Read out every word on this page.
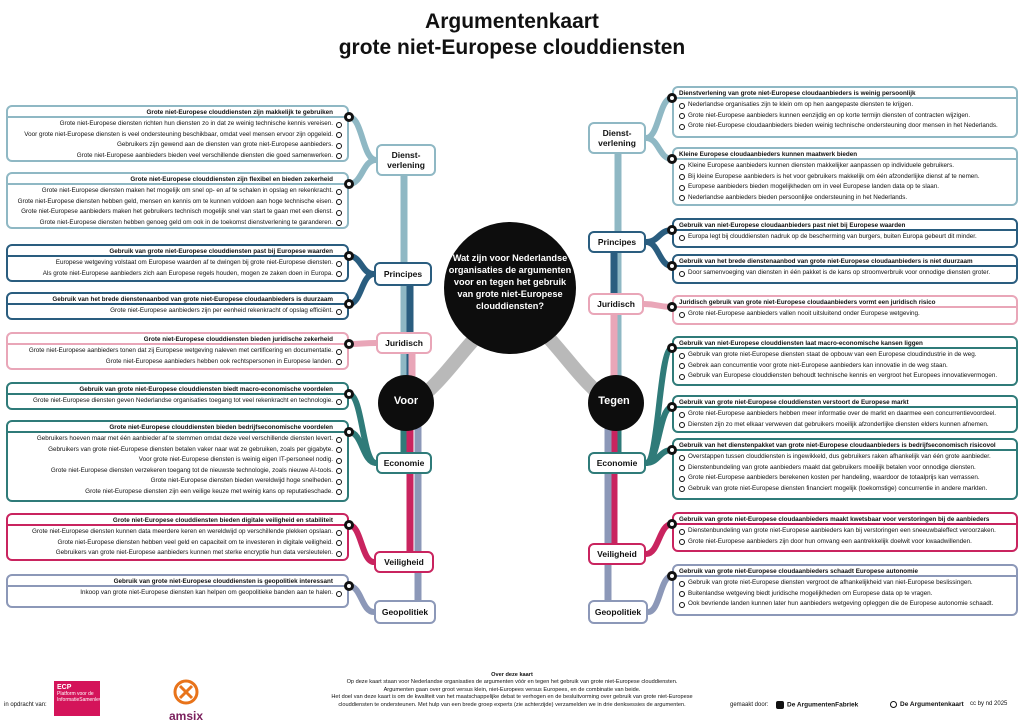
Argumentenkaart
grote niet-Europese clouddiensten
Grote niet-Europese clouddiensten zijn makkelijk te gebruiken
Grote niet-Europese diensten richten hun diensten zo in dat ze weinig technische kennis vereisen.
Voor grote niet-Europese diensten is veel ondersteuning beschikbaar, omdat veel mensen ervoor zijn opgeleid.
Gebruikers zijn gewend aan de diensten van grote niet-Europese aanbieders.
Grote niet-Europese aanbieders bieden veel verschillende diensten die goed samenwerken.
Grote niet-Europese clouddiensten zijn flexibel en bieden zekerheid
Grote niet-Europese diensten maken het mogelijk om snel op- en af te schalen in opslag en rekenkracht.
Grote niet-Europese diensten hebben geld, mensen en kennis om te kunnen voldoen aan hoge technische eisen.
Grote niet-Europese aanbieders maken het gebruikers technisch mogelijk snel van start te gaan met een dienst.
Grote niet-Europese diensten hebben genoeg geld om ook in de toekomst dienstverlening te garanderen.
Gebruik van grote niet-Europese clouddiensten past bij Europese waarden
Europese wetgeving volstaat om Europese waarden af te dwingen bij grote niet-Europese diensten.
Als grote niet-Europese aanbieders zich aan Europese regels houden, mogen ze zaken doen in Europa.
Gebruik van het brede dienstenaanbod van grote niet-Europese cloudaanbieders is duurzaam
Grote niet-Europese aanbieders zijn per eenheid rekenkracht of opslag efficiënt.
Grote niet-Europese clouddiensten bieden juridische zekerheid
Grote niet-Europese aanbieders tonen dat zij Europese wetgeving naleven met certificering en documentatie.
Grote niet-Europese aanbieders hebben ook rechtspersonen in Europese landen.
Gebruik van grote niet-Europese clouddiensten biedt macro-economische voordelen
Grote niet-Europese diensten geven Nederlandse organisaties toegang tot veel rekenkracht en technologie.
Grote niet-Europese clouddiensten bieden bedrijfseconomische voordelen
Gebruikers hoeven maar met één aanbieder af te stemmen omdat deze veel verschillende diensten levert.
Gebruikers van grote niet-Europese diensten betalen vaker naar wat ze gebruiken, zoals per gigabyte.
Voor grote niet-Europese diensten is weinig eigen IT-personeel nodig.
Grote niet-Europese diensten verzekeren toegang tot de nieuwste technologie, zoals nieuwe AI-tools.
Grote niet-Europese diensten bieden wereldwijd hoge snelheden.
Grote niet-Europese diensten zijn een veilige keuze met weinig kans op reputatieschade.
Grote niet-Europese clouddiensten bieden digitale veiligheid en stabiliteit
Grote niet-Europese diensten kunnen data meerdere keren en wereldwijd op verschillende plekken opslaan.
Grote niet-Europese diensten hebben veel geld en capaciteit om te investeren in digitale veiligheid.
Gebruikers van grote niet-Europese aanbieders kunnen met sterke encryptie hun data versleutelen.
Gebruik van grote niet-Europese clouddiensten is geopolitiek interessant
Inkoop van grote niet-Europese diensten kan helpen om geopolitieke banden aan te halen.
Dienstverlening van grote niet-Europese cloudaanbieders is weinig persoonlijk
Nederlandse organisaties zijn te klein om op hen aangepaste diensten te krijgen.
Grote niet-Europese aanbieders kunnen eenzijdig en op korte termijn diensten of contracten wijzigen.
Grote niet-Europese cloudaanbieders bieden weinig technische ondersteuning door mensen in het Nederlands.
Kleine Europese cloudaanbieders kunnen maatwerk bieden
Kleine Europese aanbieders kunnen diensten makkelijker aanpassen op individuele gebruikers.
Bij kleine Europese aanbieders is het voor gebruikers makkelijk om één afzonderlijke dienst af te nemen.
Europese aanbieders bieden mogelijkheden om in veel Europese landen data op te slaan.
Nederlandse aanbieders bieden persoonlijke ondersteuning in het Nederlands.
Gebruik van niet-Europese cloudaanbieders past niet bij Europese waarden
Europa legt bij clouddiensten nadruk op de bescherming van burgers, buiten Europa gebeurt dit minder.
Gebruik van het brede dienstenaanbod van grote niet-Europese cloudaanbieders is niet duurzaam
Door samenvoeging van diensten in één pakket is de kans op stroomverbruik voor onnodige diensten groter.
Juridisch gebruik van grote niet-Europese cloudaanbieders vormt een juridisch risico
Grote niet-Europese aanbieders vallen nooit uitsluitend onder Europese wetgeving.
Gebruik van niet-Europese clouddiensten laat macro-economische kansen liggen
Gebruik van grote niet-Europese diensten staat de opbouw van een Europese cloudindustrie in de weg.
Gebrek aan concurrentie voor grote niet-Europese aanbieders kan innovatie in de weg staan.
Gebruik van Europese clouddiensten behoudt technische kennis en vergroot het Europees innovatievermogen.
Gebruik van grote niet-Europese clouddiensten verstoort de Europese markt
Grote niet-Europese aanbieders hebben meer informatie over de markt en daarmee een concurrentievoordeel.
Diensten zijn zo met elkaar verweven dat gebruikers moeilijk afzonderlijke diensten elders kunnen afnemen.
Gebruik van het dienstenpakket van grote niet-Europese cloudaanbieders is bedrijfseconomisch risicovol
Overstappen tussen clouddiensten is ingewikkeld, dus gebruikers raken afhankelijk van één grote aanbieder.
Dienstenbundeling van grote aanbieders maakt dat gebruikers moeilijk betalen voor onnodige diensten.
Grote niet-Europese aanbieders berekenen kosten per handeling, waardoor de totaalprijs kan verrassen.
Gebruik van grote niet-Europese diensten financiert mogelijk (toekomstige) concurrentie in andere markten.
Gebruik van grote niet-Europese cloudaanbieders maakt kwetsbaar voor verstoringen bij de aanbieders
Dienstenbundeling van grote niet-Europese aanbieders kan bij verstoringen een sneeuwbaleffect veroorzaken.
Grote niet-Europese aanbieders zijn door hun omvang een aantrekkelijk doelwit voor kwaadwillenden.
Gebruik van grote niet-Europese cloudaanbieders schaadt Europese autonomie
Gebruik van grote niet-Europese diensten vergroot de afhankelijkheid van niet-Europese beslissingen.
Buitenlandse wetgeving biedt juridische mogelijkheden om Europese data op te vragen.
Ook bevriende landen kunnen later hun aanbieders wetgeving opleggen die de Europese autonomie schaadt.
Dienst-verlening
Principes
Juridisch
Economie
Veiligheid
Geopolitiek
Dienst-verlening
Principes
Juridisch
Economie
Veiligheid
Geopolitiek
Wat zijn voor Nederlandse organisaties de argumenten voor en tegen het gebruik van grote niet-Europese clouddiensten?
Voor	Tegen
Over deze kaart
Op deze kaart staan voor Nederlandse organisaties de argumenten vóór en tegen het gebruik van grote niet-Europese clouddiensten.
Argumenten gaan over groot versus klein, niet-Europees versus Europees, en de combinatie van beide.
Het doel van deze kaart is om de kwaliteit van het maatschappelijke debat te verhogen en de besluitvorming over gebruik van grote niet-Europese
clouddiensten te ondersteunen. Met hulp van een brede groep experts (zie achterzijde) verzamelden we in drie denksessies de argumenten.
in opdracht van:
ECP
Platform voor de InformatieSamenleving
amsix
gemaakt door:	De ArgumentenFabriek	De Argumentenkaart cc by nd 2025
